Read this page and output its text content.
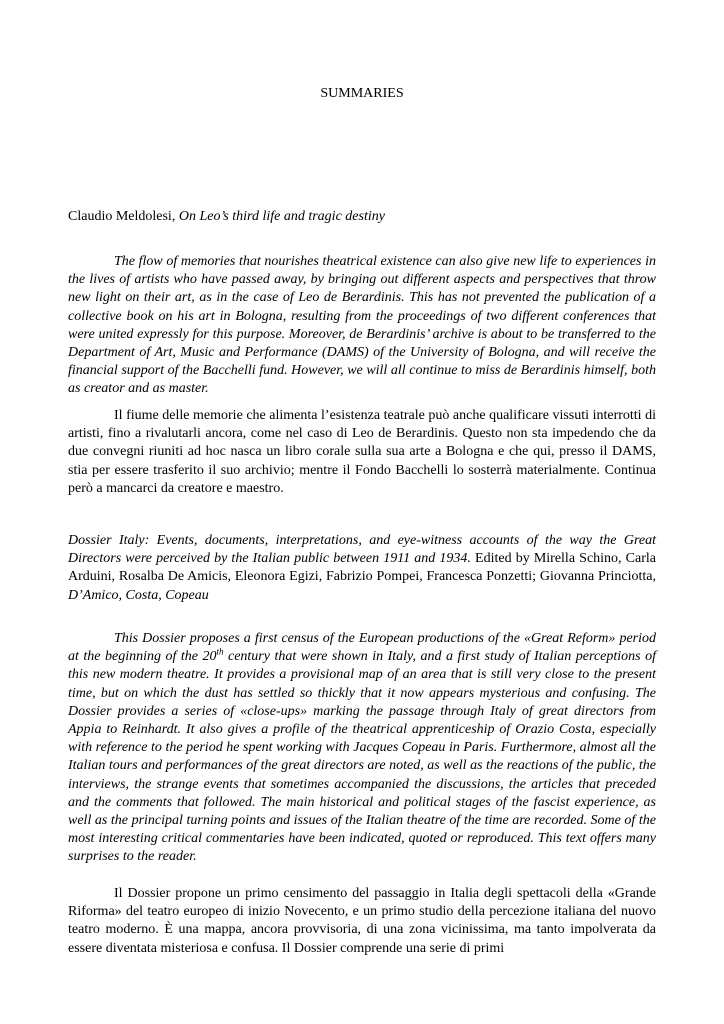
SUMMARIES
Claudio Meldolesi, On Leo’s third life and tragic destiny

The flow of memories that nourishes theatrical existence can also give new life to experiences in the lives of artists who have passed away, by bringing out different aspects and perspectives that throw new light on their art, as in the case of Leo de Berardinis. This has not prevented the publication of a collective book on his art in Bologna, resulting from the proceedings of two different conferences that were united expressly for this purpose. Moreover, de Berardinis’ archive is about to be transferred to the Department of Art, Music and Performance (DAMS) of the University of Bologna, and will receive the financial support of the Bacchelli fund. However, we will all continue to miss de Berardinis himself, both as creator and as master.

Il fiume delle memorie che alimenta l’esistenza teatrale può anche qualificare vissuti interrotti di artisti, fino a rivalutarli ancora, come nel caso di Leo de Berardinis. Questo non sta impedendo che da due convegni riuniti ad hoc nasca un libro corale sulla sua arte a Bologna e che qui, presso il DAMS, stia per essere trasferito il suo archivio; mentre il Fondo Bacchelli lo sosterrà materialmente. Continua però a mancarci da creatore e maestro.

Dossier Italy: Events, documents, interpretations, and eye-witness accounts of the way the Great Directors were perceived by the Italian public between 1911 and 1934. Edited by Mirella Schino, Carla Arduini, Rosalba De Amicis, Eleonora Egizi, Fabrizio Pompei, Francesca Ponzetti; Giovanna Princiotta, D’Amico, Costa, Copeau

This Dossier proposes a first census of the European productions of the «Great Reform» period at the beginning of the 20th century that were shown in Italy, and a first study of Italian perceptions of this new modern theatre. It provides a provisional map of an area that is still very close to the present time, but on which the dust has settled so thickly that it now appears mysterious and confusing. The Dossier provides a series of «close-ups» marking the passage through Italy of great directors from Appia to Reinhardt. It also gives a profile of the theatrical apprenticeship of Orazio Costa, especially with reference to the period he spent working with Jacques Copeau in Paris. Furthermore, almost all the Italian tours and performances of the great directors are noted, as well as the reactions of the public, the interviews, the strange events that sometimes accompanied the discussions, the articles that preceded and the comments that followed. The main historical and political stages of the fascist experience, as well as the principal turning points and issues of the Italian theatre of the time are recorded. Some of the most interesting critical commentaries have been indicated, quoted or reproduced. This text offers many surprises to the reader.

Il Dossier propone un primo censimento del passaggio in Italia degli spettacoli della «Grande Riforma» del teatro europeo di inizio Novecento, e un primo studio della percezione italiana del nuovo teatro moderno. È una mappa, ancora provvisoria, di una zona vicinissima, ma tanto impolverata da essere diventata misteriosa e confusa. Il Dossier comprende una serie di primi
